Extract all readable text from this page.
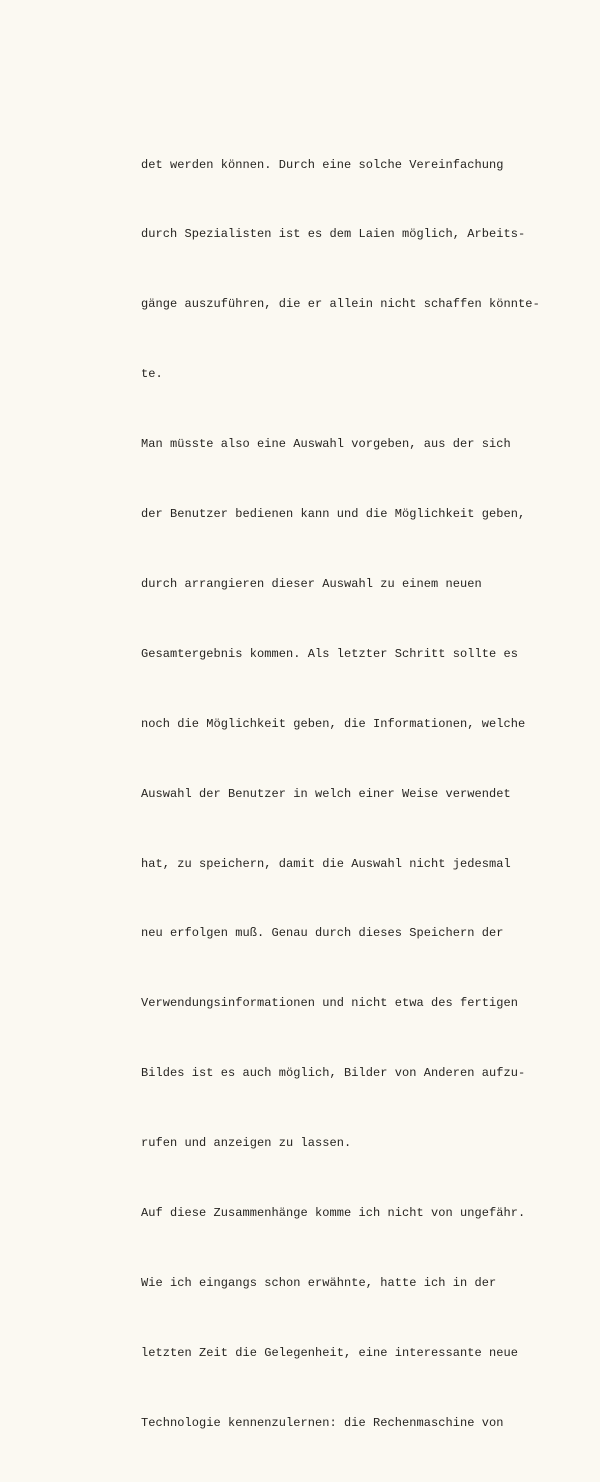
det werden können. Durch eine solche Vereinfachung

durch Spezialisten ist es dem Laien möglich, Arbeits-

gänge auszuführen, die er allein nicht schaffen könnte-

te.

Man müsste also eine Auswahl vorgeben, aus der sich

der Benutzer bedienen kann und die Möglichkeit geben,

durch arrangieren dieser Auswahl zu einem neuen

Gesamtergebnis kommen. Als letzter Schritt sollte es

noch die Möglichkeit geben, die Informationen, welche

Auswahl der Benutzer in welch einer Weise verwendet

hat, zu speichern, damit die Auswahl nicht jedesmal

neu erfolgen muß. Genau durch dieses Speichern der

Verwendungsinformationen und nicht etwa des fertigen

Bildes ist es auch möglich, Bilder von Anderen aufzu-

rufen und anzeigen zu lassen.

Auf diese Zusammenhänge komme ich nicht von ungefähr.

Wie ich eingangs schon erwähnte, hatte ich in der

letzten Zeit die Gelegenheit, eine interessante neue

Technologie kennenzulernen: die Rechenmaschine von
